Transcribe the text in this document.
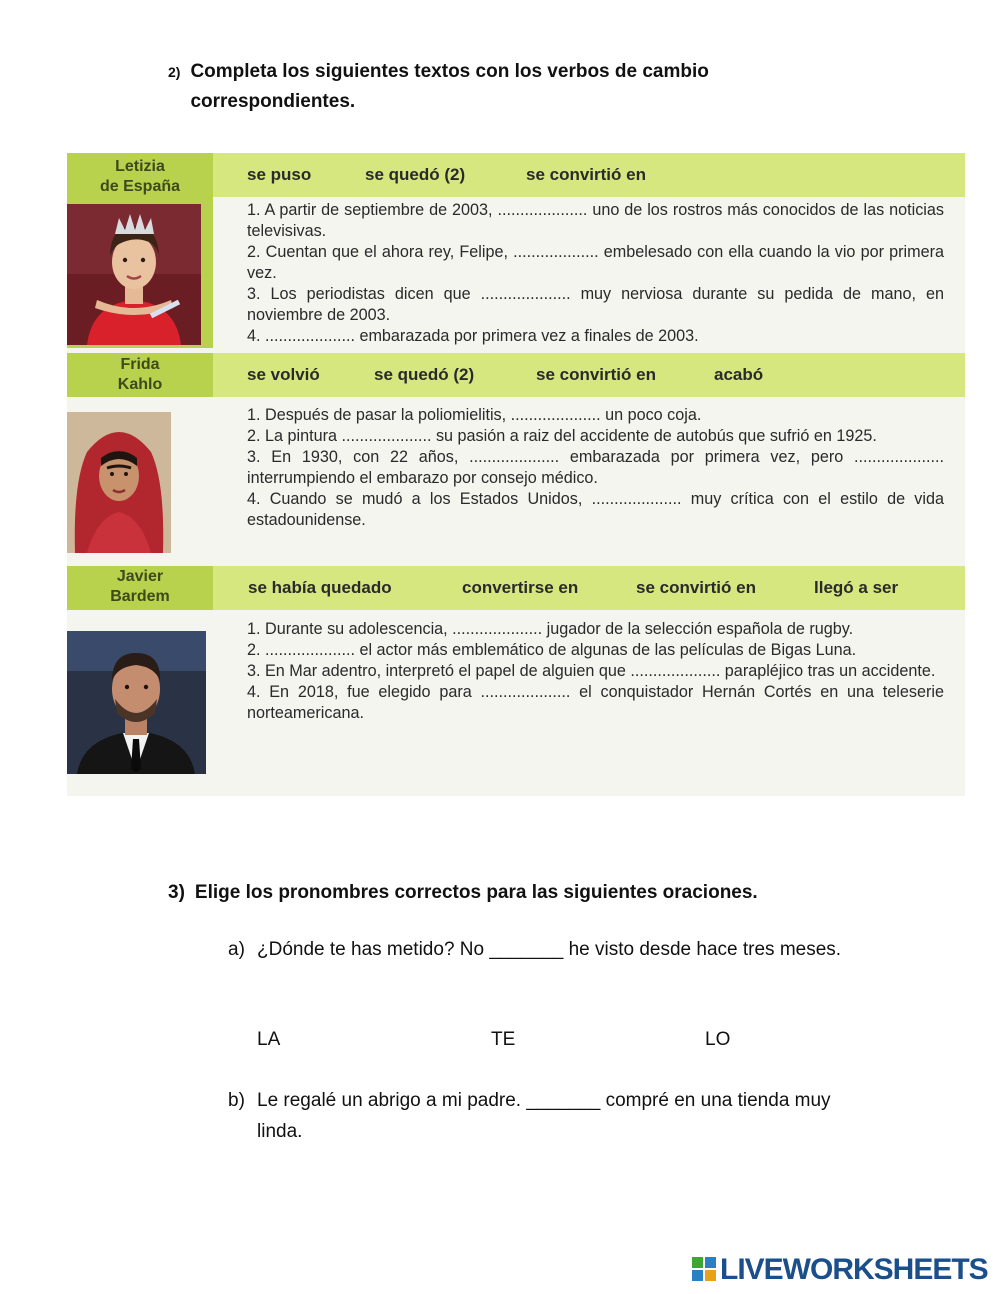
2) Completa los siguientes textos con los verbos de cambio correspondientes.
Letizia
de España
se puso	se quedó (2)	se convirtió en

1. A partir de septiembre de 2003, .................... uno de los rostros más conocidos de las noticias televisivas.

2. Cuentan que el ahora rey, Felipe, ................... embelesado con ella cuando la vio por primera vez.

3. Los periodistas dicen que .................... muy nerviosa durante su pedida de mano, en noviembre de 2003.

4. .................... embarazada por primera vez a finales de 2003.

Frida
Kahlo
se volvió	se quedó (2)	se convirtió en	acabó

1. Después de pasar la poliomielitis, .................... un poco coja.

2. La pintura .................... su pasión a raiz del accidente de autobús que sufrió en 1925.

3. En 1930, con 22 años, .................... embarazada por primera vez, pero .................... interrumpiendo el embarazo por consejo médico.

4. Cuando se mudó a los Estados Unidos, .................... muy crítica con el estilo de vida estadounidense.

Javier
Bardem	se había quedado	convertirse en	se convirtió en	llegó a ser

1. Durante su adolescencia, .................... jugador de la selección española de rugby.

2. .................... el actor más emblemático de algunas de las películas de Bigas Luna.

3. En Mar adentro, interpretó el papel de alguien que .................... parapléjico tras un accidente.

4. En 2018, fue elegido para .................... el conquistador Hernán Cortés en una teleserie norteamericana.

3) Elige los pronombres correctos para las siguientes oraciones.
a) ¿Dónde te has metido? No _______ he visto desde hace tres meses.
LA	TE	LO
b) Le regalé un abrigo a mi padre. _______ compré en una tienda muy linda.
LIVEWORKSHEETS
